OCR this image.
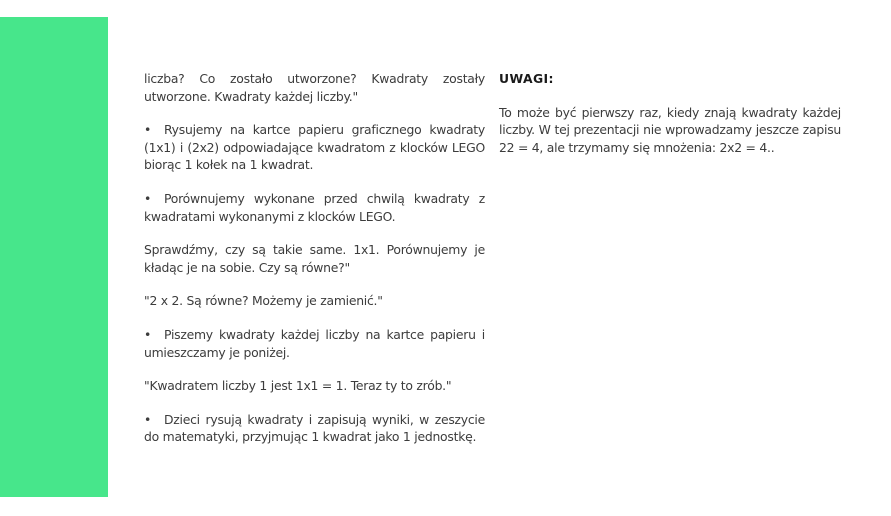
liczba? Co zostało utworzone? Kwadraty zostały utworzone. Kwadraty każdej liczby."

• Rysujemy na kartce papieru graficznego kwadraty (1x1) i (2x2) odpowiadające kwadratom z klocków LEGO biorąc 1 kołek na 1 kwadrat.

• Porównujemy wykonane przed chwilą kwadraty z kwadratami wykonanymi z klocków LEGO.

Sprawdźmy, czy są takie same. 1x1. Porównujemy je kładąc je na sobie. Czy są równe?"

"2 x 2. Są równe? Możemy je zamienić."

• Piszemy kwadraty każdej liczby na kartce papieru i umieszczamy je poniżej.

"Kwadratem liczby 1 jest 1x1 = 1. Teraz ty to zrób."

• Dzieci rysują kwadraty i zapisują wyniki, w zeszycie do matematyki, przyjmując 1 kwadrat jako 1 jednostkę.

UWAGI:

To może być pierwszy raz, kiedy znają kwadraty każdej liczby. W tej prezentacji nie wprowadzamy jeszcze zapisu 22 = 4, ale trzymamy się mnożenia: 2x2 = 4..
